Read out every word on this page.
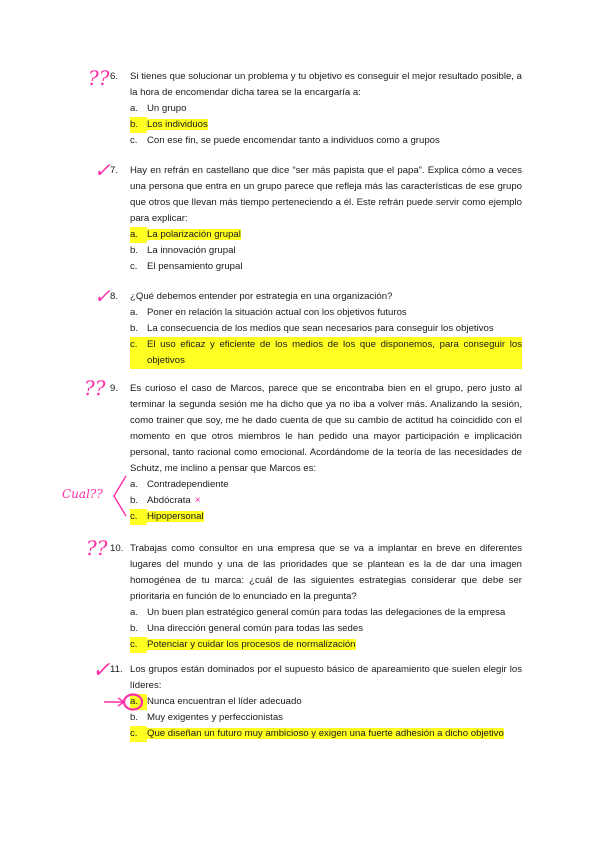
6.	Si tienes que solucionar un problema y tu objetivo es conseguir el mejor resultado posible, a la hora de encomendar dicha tarea se la encargaría a:
a. Un grupo
b. Los individuos
c. Con ese fin, se puede encomendar tanto a individuos como a grupos
7.	Hay en refrán en castellano que dice “ser más papista que el papa”. Explica cómo a veces una persona que entra en un grupo parece que refleja más las características de ese grupo que otros que llevan más tiempo perteneciendo a él. Este refrán puede servir como ejemplo para explicar:
a. La polarización grupal
b. La innovación grupal
c. El pensamiento grupal
8.	¿Qué debemos entender por estrategia en una organización?
a. Poner en relación la situación actual con los objetivos futuros
b. La consecuencia de los medios que sean necesarios para conseguir los objetivos
c. El uso eficaz y eficiente de los medios de los que disponemos, para conseguir los objetivos
9.	Es curioso el caso de Marcos, parece que se encontraba bien en el grupo, pero justo al terminar la segunda sesión me ha dicho que ya no iba a volver más. Analizando la sesión, como trainer que soy, me he dado cuenta de que su cambio de actitud ha coincidido con el momento en que otros miembros le han pedido una mayor participación e implicación personal, tanto racional como emocional. Acordándome de la teoría de las necesidades de Schutz, me inclino a pensar que Marcos es:
a. Contradependiente
b. Abdócrata ×
c. Hipopersonal
10. Trabajas como consultor en una empresa que se va a implantar en breve en diferentes lugares del mundo y una de las prioridades que se plantean es la de dar una imagen homogénea de tu marca: ¿cuál de las siguientes estrategias considerar que debe ser prioritaria en función de lo enunciado en la pregunta?
a. Un buen plan estratégico general común para todas las delegaciones de la empresa
b. Una dirección general común para todas las sedes
c. Potenciar y cuidar los procesos de normalización
11. Los grupos están dominados por el supuesto básico de apareamiento que suelen elegir los líderes:
a. Nunca encuentran el líder adecuado
b. Muy exigentes y perfeccionistas
c. Que diseñan un futuro muy ambicioso y exigen una fuerte adhesión a dicho objetivo
??
✓
✓
??
??
✓
Cual??
